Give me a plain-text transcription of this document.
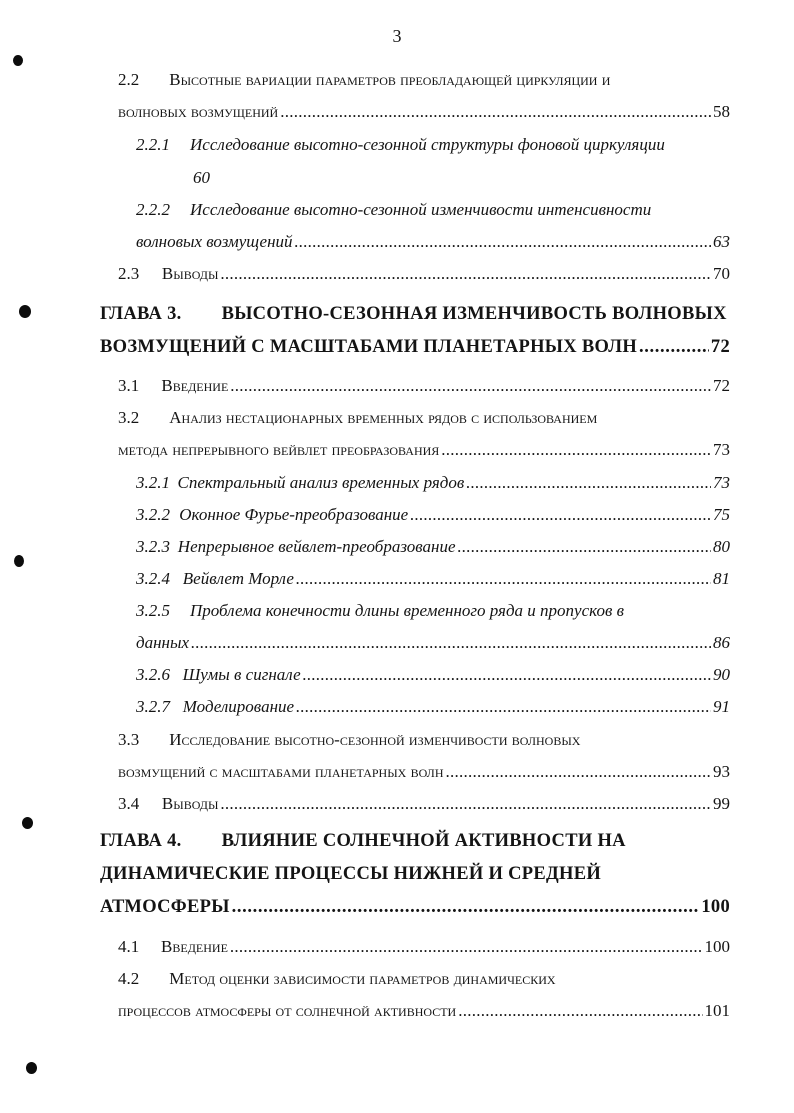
3
2.2 Высотные вариации параметров преобладающей циркуляции и
волновых возмущений . . .	58
2.2.1 Исследование высотно-сезонной структуры фоновой циркуляции
60
2.2.2 Исследование высотно-сезонной изменчивости интенсивности
волновых возмущений . . .	63
2.3 Выводы . . .	70
ГЛАВА 3. ВЫСОТНО-СЕЗОННАЯ ИЗМЕНЧИВОСТЬ ВОЛНОВЫХ
ВОЗМУЩЕНИЙ С МАСШТАБАМИ ПЛАНЕТАРНЫХ ВОЛН . . .	72
3.1 Введение . . .	72
3.2 Анализ нестационарных временных рядов с использованием
метода непрерывного вейвлет преобразования . . .	73
3.2.1 Спектральный анализ временных рядов . . .	73
3.2.2 Оконное Фурье-преобразование . . .	75
3.2.3 Непрерывное вейвлет-преобразование . . .	80
3.2.4 Вейвлет Морле . . .	81
3.2.5 Проблема конечности длины временного ряда и пропусков в
данных . . .	86
3.2.6 Шумы в сигнале . . .	90
3.2.7 Моделирование . . .	91
3.3 Исследование высотно-сезонной изменчивости волновых
возмущений с масштабами планетарных волн . . .	93
3.4 Выводы . . .	99
ГЛАВА 4. ВЛИЯНИЕ СОЛНЕЧНОЙ АКТИВНОСТИ НА
ДИНАМИЧЕСКИЕ ПРОЦЕССЫ НИЖНЕЙ И СРЕДНЕЙ
АТМОСФЕРЫ . . .	100
4.1 Введение . . .	100
4.2 Метод оценки зависимости параметров динамических
процессов атмосферы от солнечной активности . . .	101
